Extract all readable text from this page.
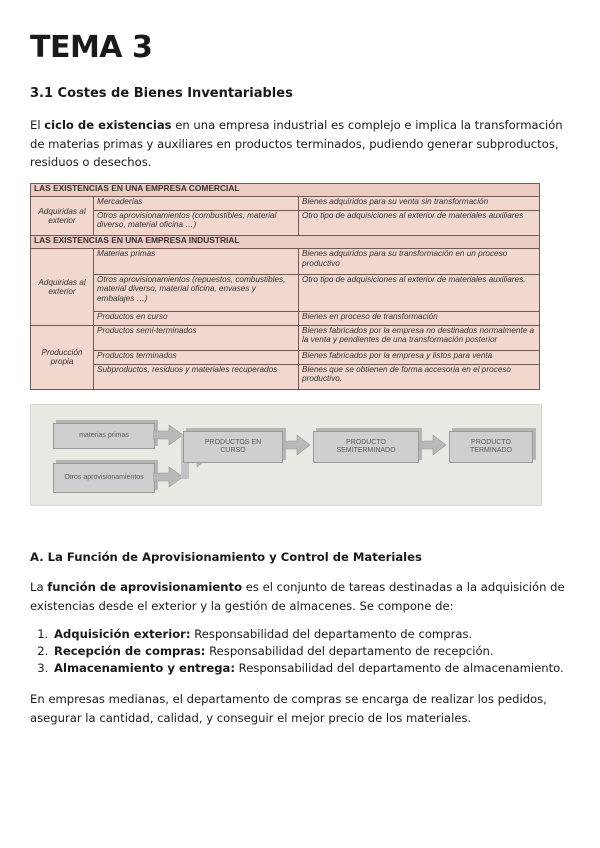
TEMA 3
3.1 Costes de Bienes Inventariables

El ciclo de existencias en una empresa industrial es complejo e implica la transformación de materias primas y auxiliares en productos terminados, pudiendo generar subproductos, residuos o desechos.

A. La Función de Aprovisionamiento y Control de Materiales

La función de aprovisionamiento es el conjunto de tareas destinadas a la adquisición de existencias desde el exterior y la gestión de almacenes. Se compone de:

1. Adquisición exterior: Responsabilidad del departamento de compras.
2. Recepción de compras: Responsabilidad del departamento de recepción.
3. Almacenamiento y entrega: Responsabilidad del departamento de almacenamiento.

En empresas medianas, el departamento de compras se encarga de realizar los pedidos, asegurar la cantidad, calidad, y conseguir el mejor precio de los materiales.

LAS EXISTENCIAS EN UNA EMPRESA COMERCIAL		
Adquiridas al exterior	Mercaderías	Bienes adquiridos para su venta sin transformación
	Otros aprovisionamientos (combustibles, material diverso, material oficina …)	Otro tipo de adquisiciones al exterior de materiales auxiliares
LAS EXISTENCIAS EN UNA EMPRESA INDUSTRIAL		
Adquiridas al exterior	Materias primas	Bienes adquiridos para su transformación en un proceso productivo
	Otros aprovisionamientos (repuestos, combustibles, material diverso, material oficina, envases y embalajes …)	Otro tipo de adquisiciones al exterior de materiales auxiliares.
	Productos en curso	Bienes en proceso de transformación
Producción propia	Productos semi-terminados	Bienes fabricados por la empresa no destinados normalmente a la venta y pendientes de una transformación posterior
	Productos terminados	Bienes fabricados por la empresa y listos para venta
	Subproductos, residuos y materiales recuperados	Bienes que se obtienen de forma accesoria en el proceso productivo.
materias primas
Otros aprovisionamientos
PRODUCTOS EN
CURSO
PRODUCTO
SEMITERMINADO
PRODUCTO
TERMINADO
